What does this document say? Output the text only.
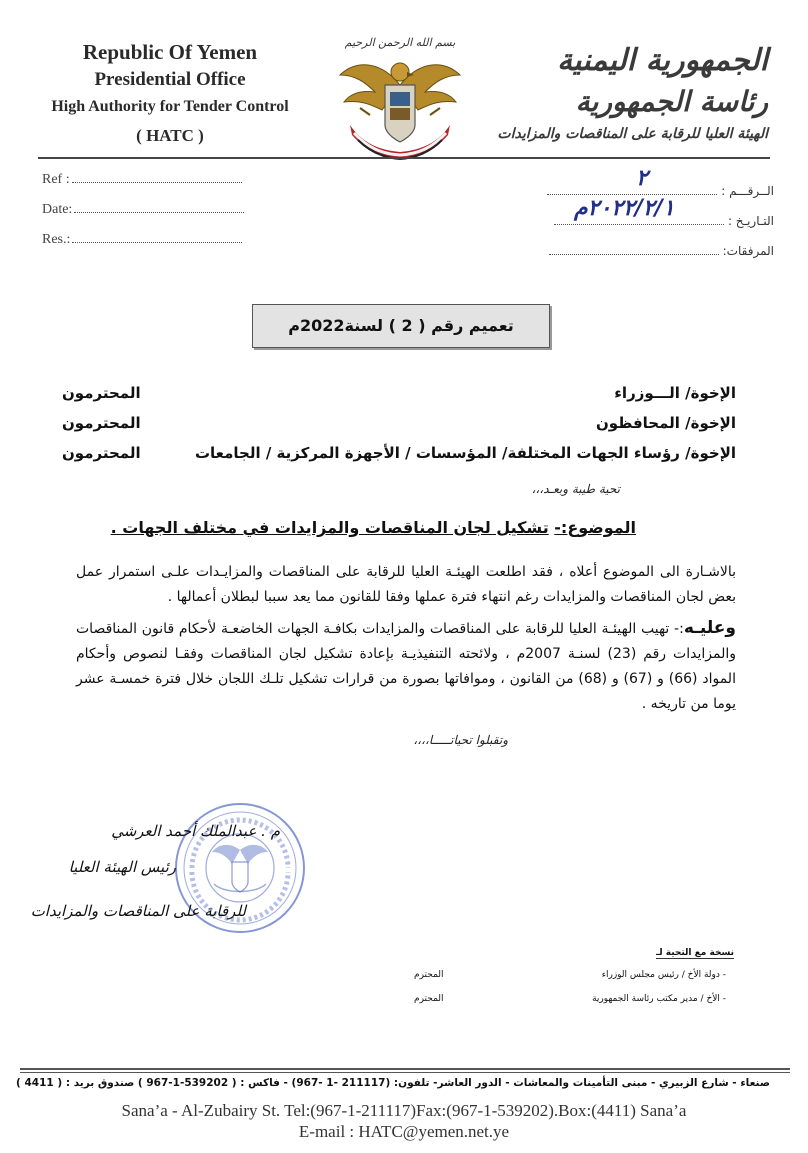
Republic Of Yemen
Presidential Office
High Authority for Tender Control
( HATC )
بسم الله الرحمن الرحيم
الجمهورية اليمنية
رئاسة الجمهورية
الهيئة العليا للرقابة على المناقصات والمزايدات
Ref :
Date:
Res.:
الــرقـــم :
التـاريـخ :
المرفقات:
٢
٢٠٢٢/٢/١م
تعميم رقم ( 2 ) لسنة2022م
الإخوة/ الـــوزراء
المحترمون
الإخوة/ المحافظون
المحترمون
الإخوة/ رؤساء الجهات المختلفة/ المؤسسات / الأجهزة المركزية / الجامعات
المحترمون
تحية طيبة وبعـد،،،
الموضوع:- تشكيل لجان المناقصات والمزايدات في مختلف الجهات .
بالاشـارة الى الموضوع أعلاه ، فقد اطلعت الهيئـة العليا للرقابة على المناقصات والمزايـدات علـى استمرار عمل بعض لجان المناقصات والمزايدات رغم انتهاء فترة عملها وفقا للقانون مما يعد سببا لبطلان أعمالها .
وعليـه:- تهيب الهيئـة العليا للرقابة على المناقصات والمزايدات بكافـة الجهات الخاضعـة لأحكام قانون المناقصات والمزايدات رقم (23) لسنـة 2007م ، ولائحته التنفيذيـة بإعادة تشكيل لجان المناقصات وفقـا لنصوص وأحكام المواد (66) و (67) و (68) من القانون ، وموافاتها بصورة من قرارات تشكيل تلـك اللجان خلال فترة خمسـة عشر يوما من تاريخه .
وتقبلوا تحياتـــــا،،،،
م . عبدالملك أحمد العرشي
رئيس الهيئة العليا
للرقابة على المناقصات والمزايدات
نسخة مع التحية لـ
- دولة الأخ / رئيس مجلس الوزراء
المحترم
- الأخ / مدير مكتب رئاسة الجمهورية
المحترم
صنعاء - شارع الزبيري - مبنى التأمينات والمعاشات - الدور العاشر- تلفون: (211117 -1 -967) - فاكس : ( 539202-1-967 ) صندوق بريد : ( 4411 )
Sana’a - Al-Zubairy St. Tel:(967-1-211117)Fax:(967-1-539202).Box:(4411) Sana’a
E-mail : HATC@yemen.net.ye
